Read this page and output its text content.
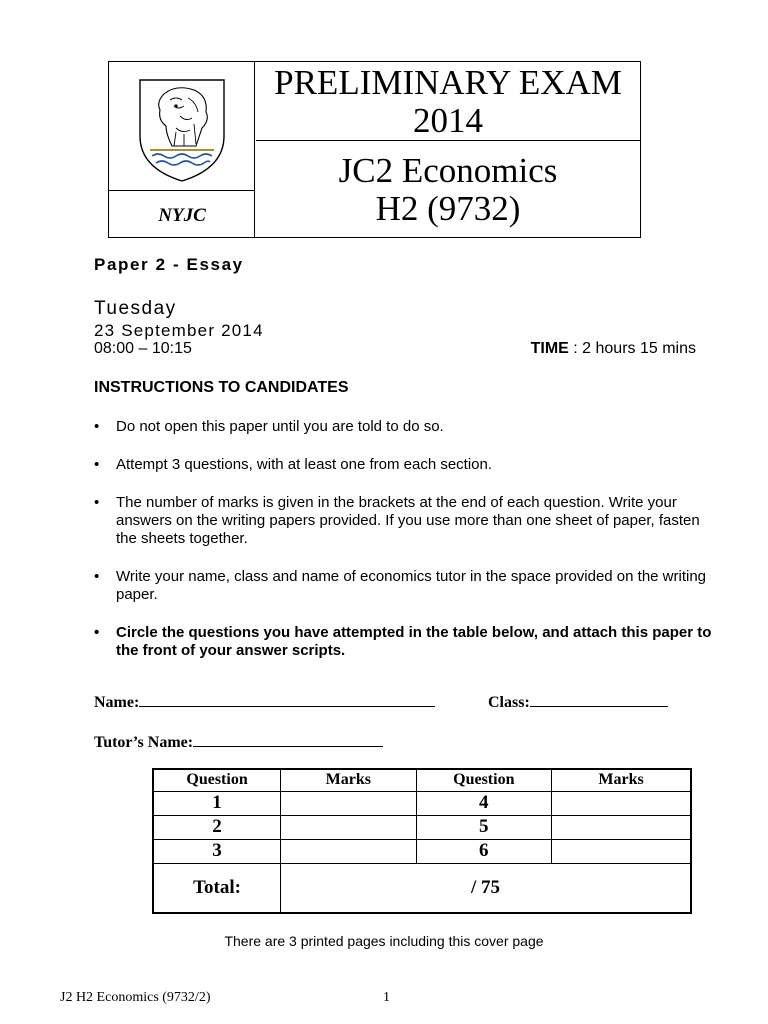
NYJC
PRELIMINARY EXAM
2014
JC2 Economics
H2 (9732)
Paper 2 - Essay
Tuesday
23 September 2014
08:00 – 10:15	TIME : 2 hours 15 mins
INSTRUCTIONS TO CANDIDATES
• Do not open this paper until you are told to do so.
• Attempt 3 questions, with at least one from each section.
• The number of marks is given in the brackets at the end of each question. Write your answers on the writing papers provided. If you use more than one sheet of paper, fasten the sheets together.
• Write your name, class and name of economics tutor in the space provided on the writing paper.
• Circle the questions you have attempted in the table below, and attach this paper to the front of your answer scripts.
Name:	Class:
Tutor’s Name:
Question	Marks	Question	Marks
1		4	
2		5	
3		6	
Total:	/ 75		
There are 3 printed pages including this cover page
J2 H2 Economics (9732/2)	1
